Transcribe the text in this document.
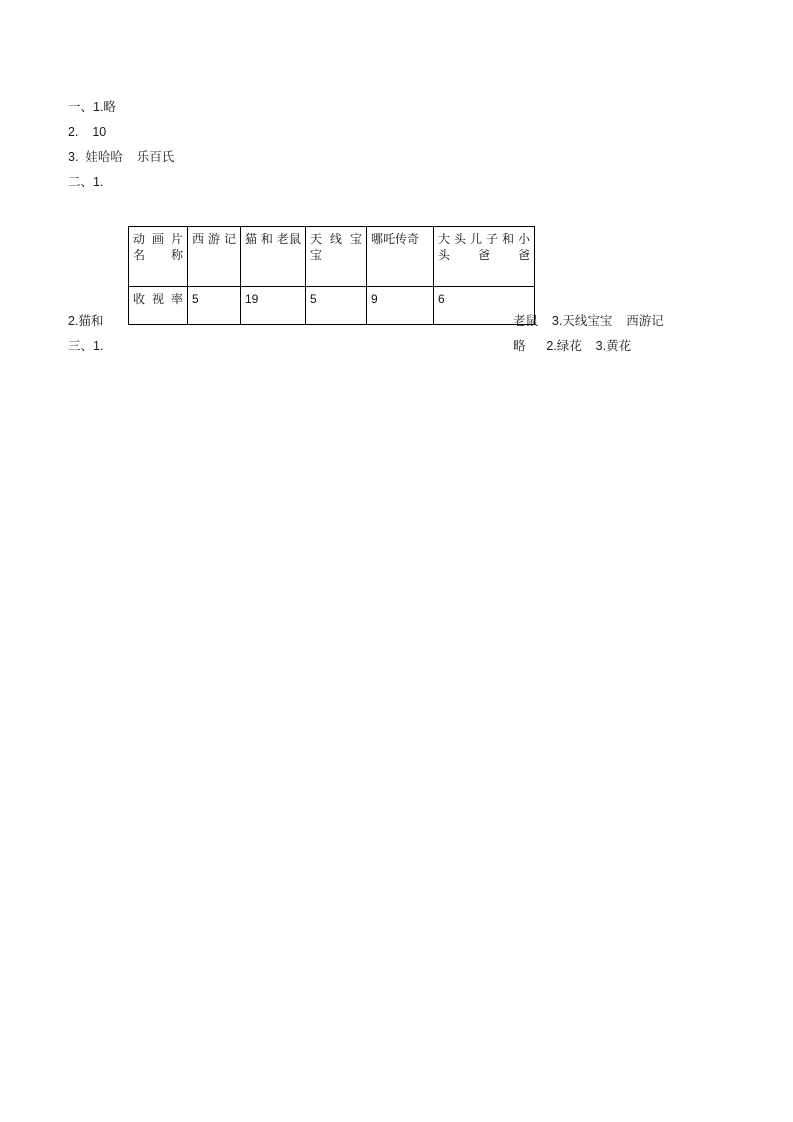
一、1.略
2.    10
3.  娃哈哈    乐百氏
二、1.
动 画 片 名 称	西 游 记	猫 和 老鼠	天 线 宝宝	哪吒传奇	大 头 儿 子 和 小头爸爸
收 视 率	5	19	5	9	6
2.猫和
三、1.
老鼠    3.天线宝宝    西游记
略      2.绿花    3.黄花
